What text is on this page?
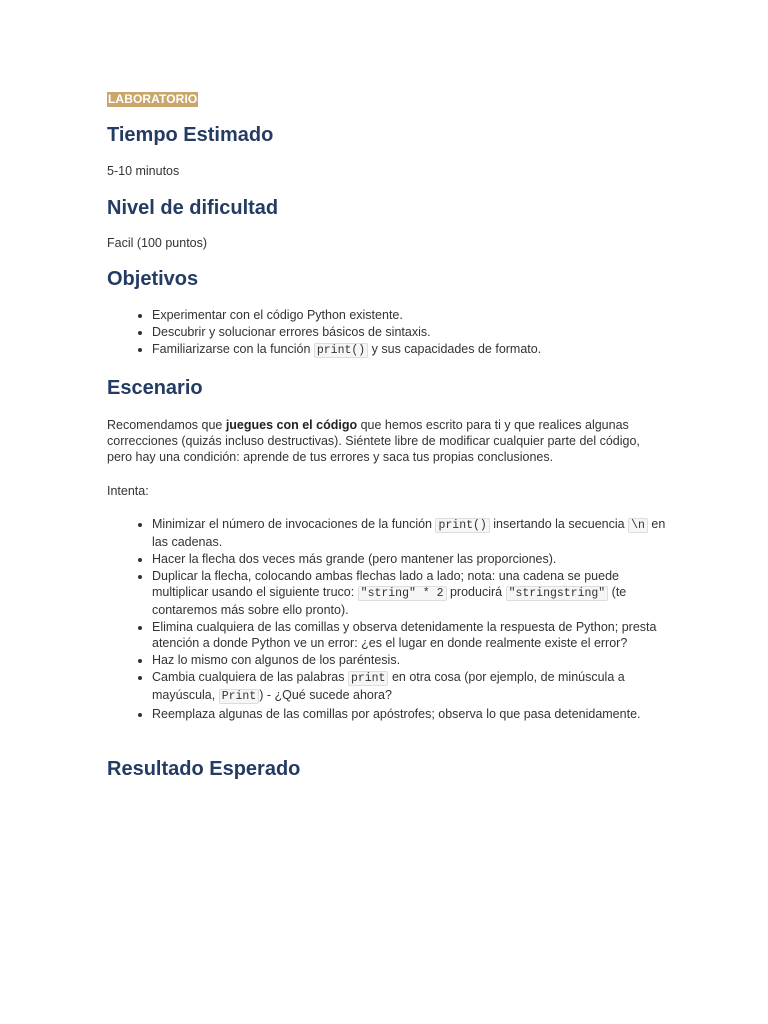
LABORATORIO
Tiempo Estimado

5-10 minutos

Nivel de dificultad

Facil (100 puntos)

Objetivos
• Experimentar con el código Python existente.
• Descubrir y solucionar errores básicos de sintaxis.
• Familiarizarse con la función print() y sus capacidades de formato.
Escenario

Recomendamos que juegues con el código que hemos escrito para ti y que realices algunas correcciones (quizás incluso destructivas). Siéntete libre de modificar cualquier parte del código, pero hay una condición: aprende de tus errores y saca tus propias conclusiones.

Intenta:

• Minimizar el número de invocaciones de la función print() insertando la secuencia \n en las cadenas.
• Hacer la flecha dos veces más grande (pero mantener las proporciones).
• Duplicar la flecha, colocando ambas flechas lado a lado; nota: una cadena se puede multiplicar usando el siguiente truco: "string" * 2 producirá "stringstring" (te contaremos más sobre ello pronto).
• Elimina cualquiera de las comillas y observa detenidamente la respuesta de Python; presta atención a donde Python ve un error: ¿es el lugar en donde realmente existe el error?
• Haz lo mismo con algunos de los paréntesis.
• Cambia cualquiera de las palabras print en otra cosa (por ejemplo, de minúscula a mayúscula, Print ) - ¿Qué sucede ahora?
• Reemplaza algunas de las comillas por apóstrofes; observa lo que pasa detenidamente.
Resultado Esperado
